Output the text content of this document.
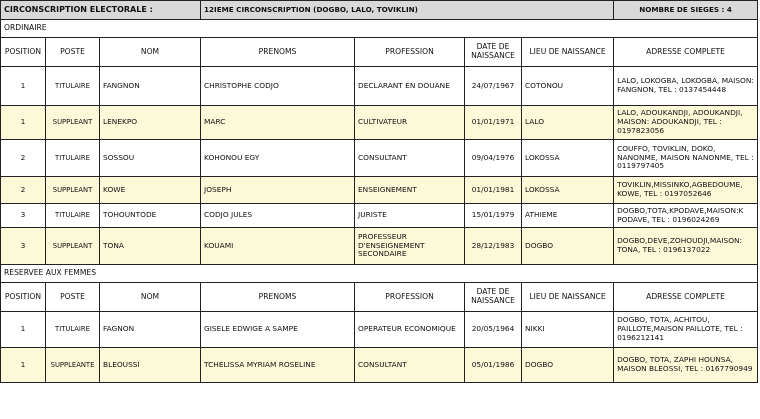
CIRCONSCRIPTION ELECTORALE :			12IEME CIRCONSCRIPTION (DOGBO, LALO, TOVIKLIN)				NOMBRE DE SIEGES : 4
ORDINAIRE							
POSITION	POSTE	NOM	PRENOMS	PROFESSION	DATE DE NAISSANCE	LIEU DE NAISSANCE	ADRESSE COMPLETE
1	TITULAIRE	FANGNON	CHRISTOPHE CODJO	DECLARANT EN DOUANE	24/07/1967	COTONOU	LALO, LOKOGBA, LOKOGBA, MAISON: FANGNON, TEL : 0137454448
1	SUPPLEANT	LENEKPO	MARC	CULTIVATEUR	01/01/1971	LALO	LALO, ADOUKANDJI, ADOUKANDJI, MAISON: ADOUKANDJI, TEL : 0197823056
2	TITULAIRE	SOSSOU	KOHONOU EGY	CONSULTANT	09/04/1976	LOKOSSA	COUFFO, TOVIKLIN, DOKO, NANONME, MAISON NANONME, TEL : 0119797405
2	SUPPLEANT	KOWE	JOSEPH	ENSEIGNEMENT	01/01/1981	LOKOSSA	TOVIKLIN,MISSINKO,AGBEDOUME, KOWE, TEL : 0197052646
3	TITULAIRE	TOHOUNTODE	CODJO JULES	JURISTE	15/01/1979	ATHIEME	DOGBO,TOTA,KPODAVE,MAISON:K PODAVE, TEL : 0196024269
3	SUPPLEANT	TONA	KOUAMI	PROFESSEUR D'ENSEIGNEMENT SECONDAIRE	28/12/1983	DOGBO	DOGBO,DEVE,ZOHOUDJI,MAISON: TONA, TEL : 0196137022
RESERVEE AUX FEMMES							
POSITION	POSTE	NOM	PRENOMS	PROFESSION	DATE DE NAISSANCE	LIEU DE NAISSANCE	ADRESSE COMPLETE
1	TITULAIRE	FAGNON	GISELE EDWIGE A SAMPE	OPERATEUR ECONOMIQUE	20/05/1964	NIKKI	DOGBO, TOTA, ACHITOU, PAILLOTE,MAISON PAILLOTE, TEL : 0196212141
1	SUPPLEANTE	BLEOUSSI	TCHELISSA MYRIAM ROSELINE	CONSULTANT	05/01/1986	DOGBO	DOGBO, TOTA, ZAPHI HOUNSA, MAISON BLEOSSI, TEL : 0167790949
